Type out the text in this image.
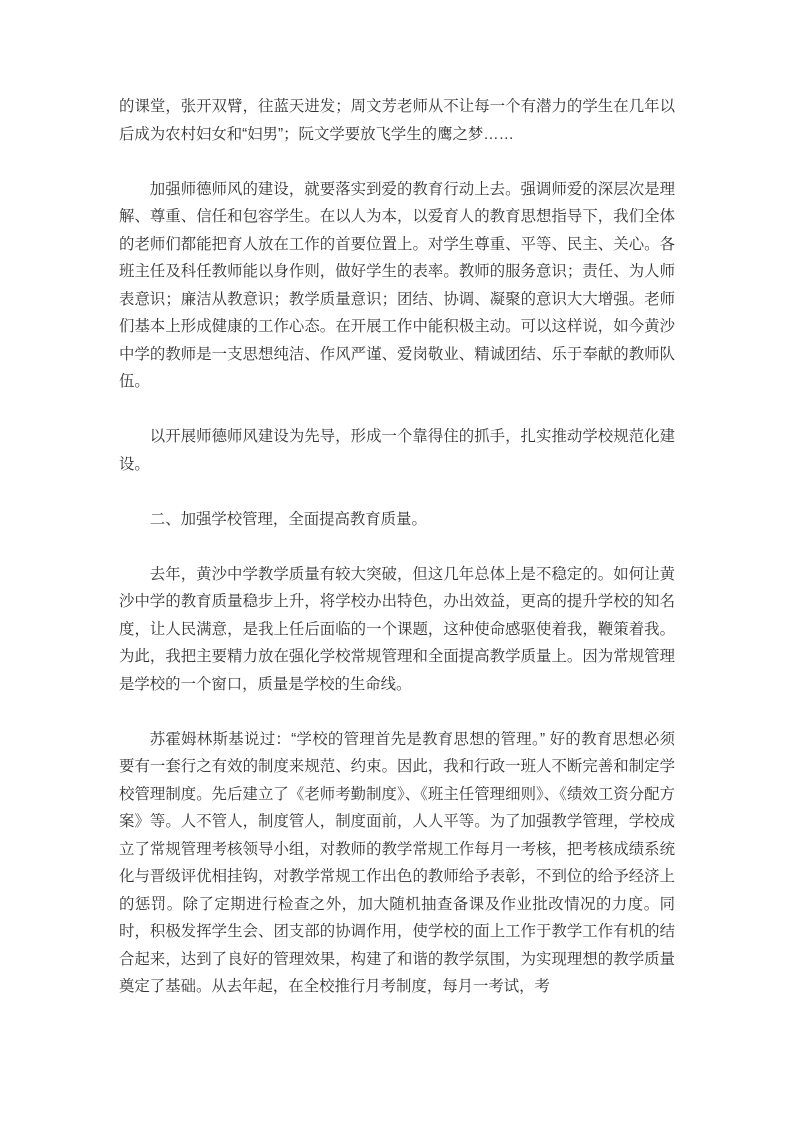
的课堂，张开双臂，往蓝天进发；周文芳老师从不让每一个有潜力的学生在几年以后成为农村妇女和“妇男”；阮文学要放飞学生的鹰之梦……

加强师德师风的建设，就要落实到爱的教育行动上去。强调师爱的深层次是理解、尊重、信任和包容学生。在以人为本，以爱育人的教育思想指导下，我们全体的老师们都能把育人放在工作的首要位置上。对学生尊重、平等、民主、关心。各班主任及科任教师能以身作则，做好学生的表率。教师的服务意识；责任、为人师表意识；廉洁从教意识；教学质量意识；团结、协调、凝聚的意识大大增强。老师们基本上形成健康的工作心态。在开展工作中能积极主动。可以这样说，如今黄沙中学的教师是一支思想纯洁、作风严谨、爱岗敬业、精诚团结、乐于奉献的教师队伍。

以开展师德师风建设为先导，形成一个靠得住的抓手，扎实推动学校规范化建设。

二、加强学校管理，全面提高教育质量。

去年，黄沙中学教学质量有较大突破，但这几年总体上是不稳定的。如何让黄沙中学的教育质量稳步上升，将学校办出特色，办出效益，更高的提升学校的知名度，让人民满意，是我上任后面临的一个课题，这种使命感驱使着我，鞭策着我。为此，我把主要精力放在强化学校常规管理和全面提高教学质量上。因为常规管理是学校的一个窗口，质量是学校的生命线。

苏霍姆林斯基说过：“学校的管理首先是教育思想的管理。” 好的教育思想必须要有一套行之有效的制度来规范、约束。因此，我和行政一班人不断完善和制定学校管理制度。先后建立了《老师考勤制度》、《班主任管理细则》、《绩效工资分配方案》等。人不管人，制度管人，制度面前，人人平等。为了加强教学管理，学校成立了常规管理考核领导小组，对教师的教学常规工作每月一考核，把考核成绩系统化与晋级评优相挂钩，对教学常规工作出色的教师给予表彰，不到位的给予经济上的惩罚。除了定期进行检查之外，加大随机抽查备课及作业批改情况的力度。同时，积极发挥学生会、团支部的协调作用，使学校的面上工作于教学工作有机的结合起来，达到了良好的管理效果，构建了和谐的教学氛围，为实现理想的教学质量奠定了基础。从去年起，在全校推行月考制度，每月一考试，考
